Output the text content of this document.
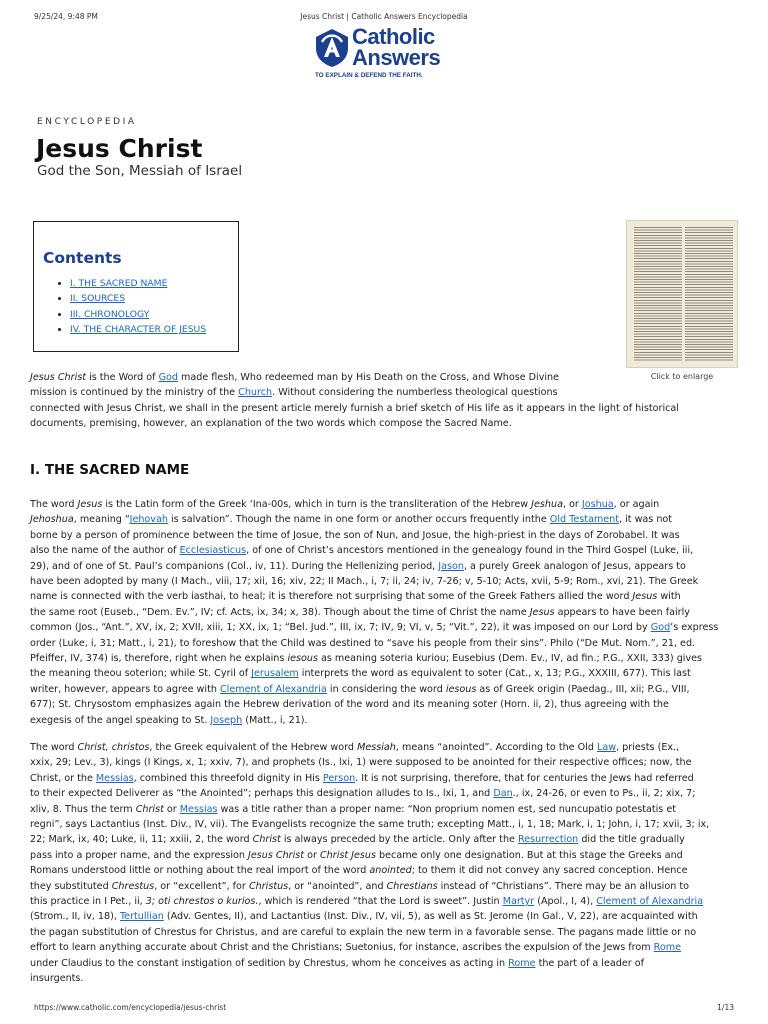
9/25/24, 9:48 PM	Jesus Christ | Catholic Answers Encyclopedia
Catholic
Answers
TO EXPLAIN & DEFEND THE FAITH.
ENCYCLOPEDIA
Jesus Christ
God the Son, Messiah of Israel
Contents
• I. THE SACRED NAME
• II. SOURCES
• III. CHRONOLOGY
• IV. THE CHARACTER OF JESUS
Click to enlarge
Jesus Christ is the Word of God made flesh, Who redeemed man by His Death on the Cross, and Whose Divine
mission is continued by the ministry of the Church. Without considering the numberless theological questions
connected with Jesus Christ, we shall in the present article merely furnish a brief sketch of His life as it appears in the light of historical
documents, premising, however, an explanation of the two words which compose the Sacred Name.
I. THE SACRED NAME
The word Jesus is the Latin form of the Greek ‘Ina-00s, which in turn is the transliteration of the Hebrew Jeshua, or Joshua, or again
Jehoshua, meaning “Jehovah is salvation”. Though the name in one form or another occurs frequently inthe Old Testament, it was not
borne by a person of prominence between the time of Josue, the son of Nun, and Josue, the high-priest in the days of Zorobabel. It was
also the name of the author of Ecclesiasticus, of one of Christ’s ancestors mentioned in the genealogy found in the Third Gospel (Luke, iii,
29), and of one of St. Paul’s companions (Col., iv, 11). During the Hellenizing period, Jason, a purely Greek analogon of Jesus, appears to
have been adopted by many (I Mach., viii, 17; xii, 16; xiv, 22; II Mach., i, 7; ii, 24; iv, 7-26; v, 5-10; Acts, xvii, 5-9; Rom., xvi, 21). The Greek
name is connected with the verb iasthai, to heal; it is therefore not surprising that some of the Greek Fathers allied the word Jesus with
the same root (Euseb., “Dem. Ev.”, IV; cf. Acts, ix, 34; x, 38). Though about the time of Christ the name Jesus appears to have been fairly
common (Jos., “Ant.”, XV, ix, 2; XVII, xiii, 1; XX, ix, 1; “Bel. Jud.”, III, ix, 7; IV, 9; VI, v, 5; “Vit.”, 22), it was imposed on our Lord by God’s express
order (Luke, i, 31; Matt., i, 21), to foreshow that the Child was destined to “save his people from their sins”. Philo (“De Mut. Nom.”, 21, ed.
Pfeiffer, IV, 374) is, therefore, right when he explains iesous as meaning soteria kuriou; Eusebius (Dem. Ev., IV, ad fin.; P.G., XXII, 333) gives
the meaning theou soterion; while St. Cyril of Jerusalem interprets the word as equivalent to soter (Cat., x, 13; P.G., XXXIII, 677). This last
writer, however, appears to agree with Clement of Alexandria in considering the word iesous as of Greek origin (Paedag., III, xii; P.G., VIII,
677); St. Chrysostom emphasizes again the Hebrew derivation of the word and its meaning soter (Horn. ii, 2), thus agreeing with the
exegesis of the angel speaking to St. Joseph (Matt., i, 21).
The word Christ, christos, the Greek equivalent of the Hebrew word Messiah, means “anointed”. According to the Old Law, priests (Ex.,
xxix, 29; Lev., 3), kings (I Kings, x, 1; xxiv, 7), and prophets (Is., lxi, 1) were supposed to be anointed for their respective offices; now, the
Christ, or the Messias, combined this threefold dignity in His Person. It is not surprising, therefore, that for centuries the Jews had referred
to their expected Deliverer as “the Anointed”; perhaps this designation alludes to Is., lxi, 1, and Dan., ix, 24-26, or even to Ps., ii, 2; xix, 7;
xliv, 8. Thus the term Christ or Messias was a title rather than a proper name: “Non proprium nomen est, sed nuncupatio potestatis et
regni”, says Lactantius (Inst. Div., IV, vii). The Evangelists recognize the same truth; excepting Matt., i, 1, 18; Mark, i, 1; John, i, 17; xvii, 3; ix,
22; Mark, ix, 40; Luke, ii, 11; xxiii, 2, the word Christ is always preceded by the article. Only after the Resurrection did the title gradually
pass into a proper name, and the expression Jesus Christ or Christ Jesus became only one designation. But at this stage the Greeks and
Romans understood little or nothing about the real import of the word anointed; to them it did not convey any sacred conception. Hence
they substituted Chrestus, or “excellent”, for Christus, or “anointed”, and Chrestians instead of “Christians”. There may be an allusion to
this practice in I Pet., ii, 3; oti chrestos o kurios., which is rendered “that the Lord is sweet”. Justin Martyr (Apol., I, 4), Clement of Alexandria
(Strom., II, iv, 18), Tertullian (Adv. Gentes, II), and Lactantius (Inst. Div., IV, vii, 5), as well as St. Jerome (In Gal., V, 22), are acquainted with
the pagan substitution of Chrestus for Christus, and are careful to explain the new term in a favorable sense. The pagans made little or no
effort to learn anything accurate about Christ and the Christians; Suetonius, for instance, ascribes the expulsion of the Jews from Rome
under Claudius to the constant instigation of sedition by Chrestus, whom he conceives as acting in Rome the part of a leader of
insurgents.
https://www.catholic.com/encyclopedia/jesus-christ	1/13
